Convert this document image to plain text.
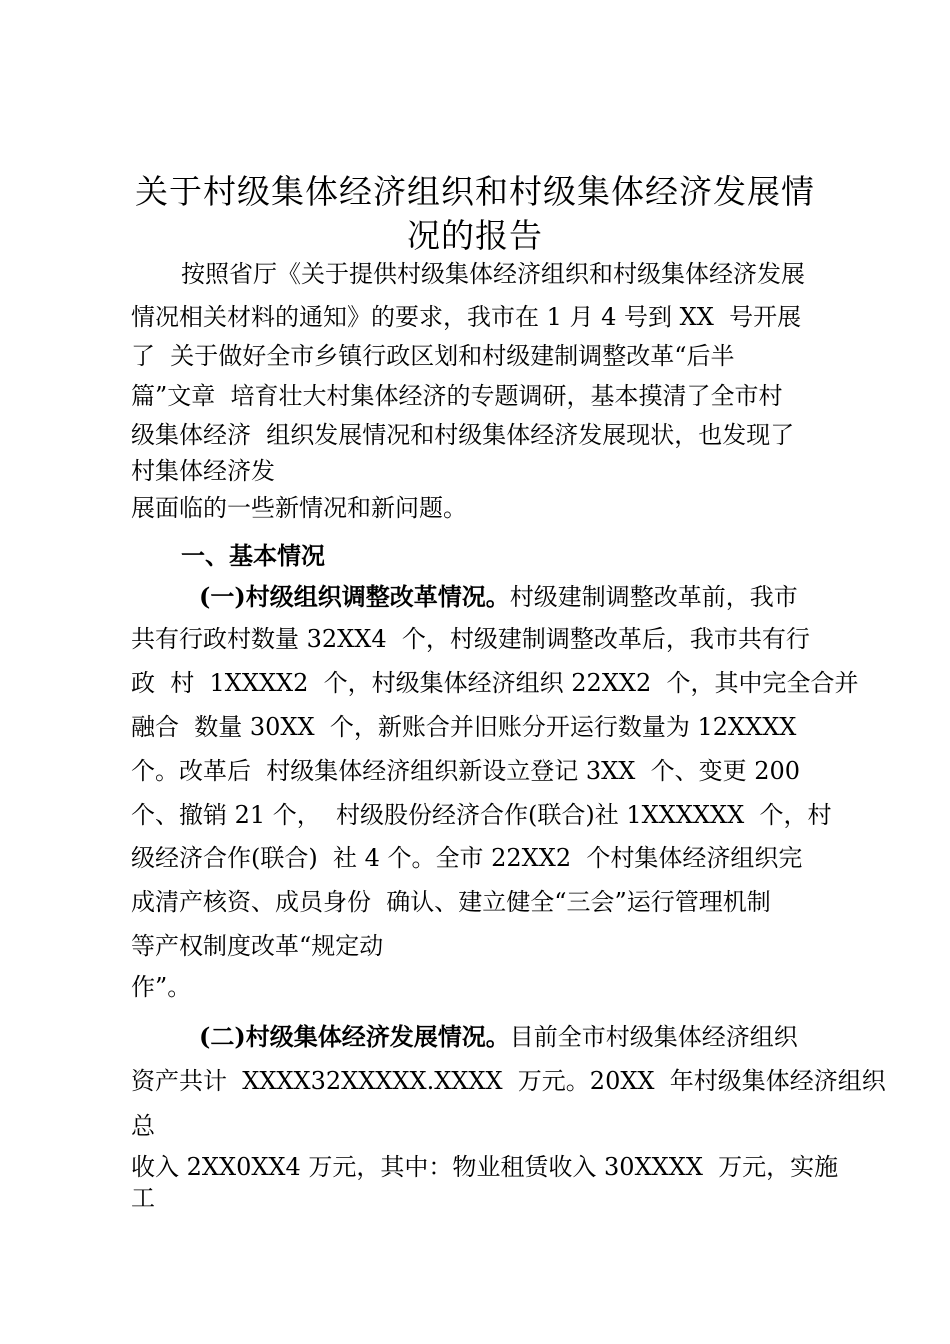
关于村级集体经济组织和村级集体经济发展情
况的报告
按照省厅《关于提供村级集体经济组织和村级集体经济发展
情况相关材料的通知》的要求，我市在 1 月 4 号到 XX  号开展
了  关于做好全市乡镇行政区划和村级建制调整改革“后半
篇”文章  培育壮大村集体经济的专题调研，基本摸清了全市村
级集体经济  组织发展情况和村级集体经济发展现状，也发现了
村集体经济发
展面临的一些新情况和新问题。
一、基本情况
(一)村级组织调整改革情况。村级建制调整改革前，我市
共有行政村数量 32XX4  个，村级建制调整改革后，我市共有行
政  村  1XXXX2  个，村级集体经济组织 22XX2  个，其中完全合并
融合  数量 30XX  个，新账合并旧账分开运行数量为 12XXXX
个。改革后  村级集体经济组织新设立登记 3XX  个、变更 200
个、撤销 21 个，  村级股份经济合作(联合)社 1XXXXXX  个，村
级经济合作(联合)  社 4 个。全市 22XX2  个村集体经济组织完
成清产核资、成员身份  确认、建立健全“三会”运行管理机制
等产权制度改革“规定动
作”。
(二)村级集体经济发展情况。目前全市村级集体经济组织
资产共计  XXXX32XXXXX.XXXX  万元。20XX  年村级集体经济组织
总
收入 2XX0XX4 万元，其中：物业租赁收入 30XXXX  万元，实施
工
